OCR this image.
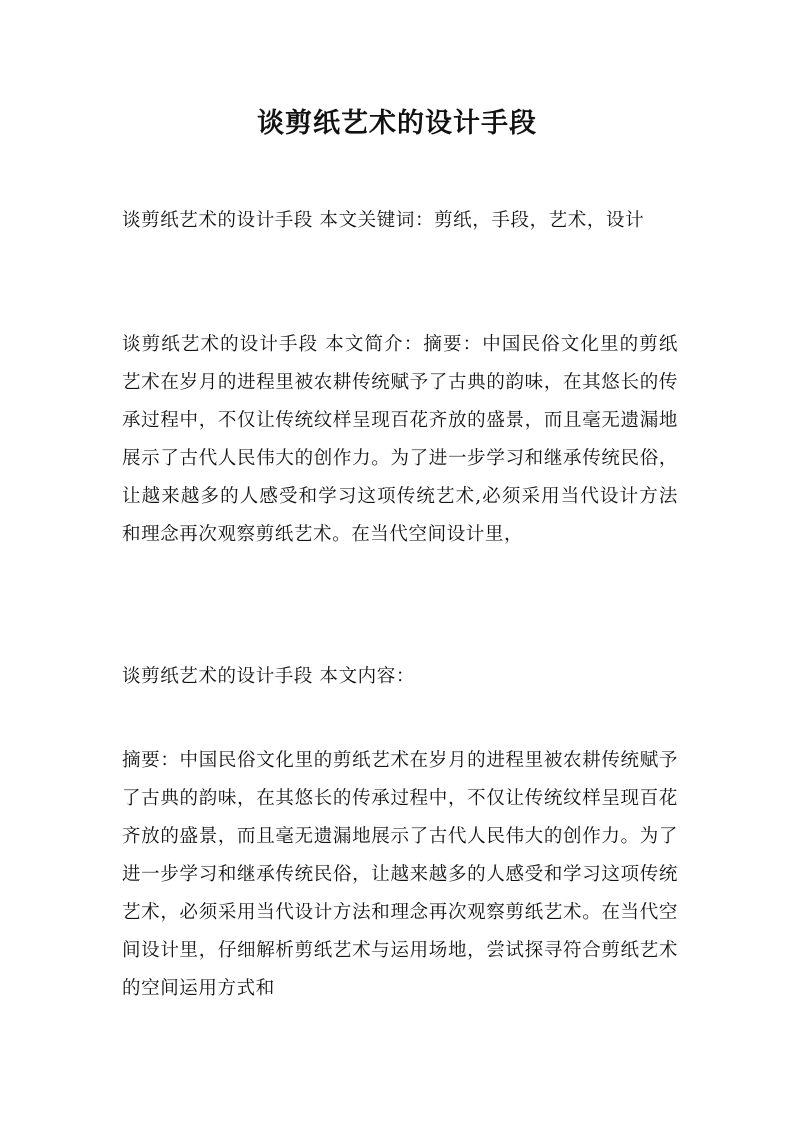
谈剪纸艺术的设计手段

谈剪纸艺术的设计手段 本文关键词：剪纸，手段，艺术，设计

谈剪纸艺术的设计手段 本文简介：摘要：中国民俗文化里的剪纸艺术在岁月的进程里被农耕传统赋予了古典的韵味，在其悠长的传承过程中，不仅让传统纹样呈现百花齐放的盛景，而且毫无遗漏地展示了古代人民伟大的创作力。为了进一步学习和继承传统民俗，让越来越多的人感受和学习这项传统艺术,必须采用当代设计方法和理念再次观察剪纸艺术。在当代空间设计里，

谈剪纸艺术的设计手段 本文内容：

摘要：中国民俗文化里的剪纸艺术在岁月的进程里被农耕传统赋予了古典的韵味，在其悠长的传承过程中，不仅让传统纹样呈现百花齐放的盛景，而且毫无遗漏地展示了古代人民伟大的创作力。为了进一步学习和继承传统民俗，让越来越多的人感受和学习这项传统艺术，必须采用当代设计方法和理念再次观察剪纸艺术。在当代空间设计里，仔细解析剪纸艺术与运用场地，尝试探寻符合剪纸艺术的空间运用方式和
